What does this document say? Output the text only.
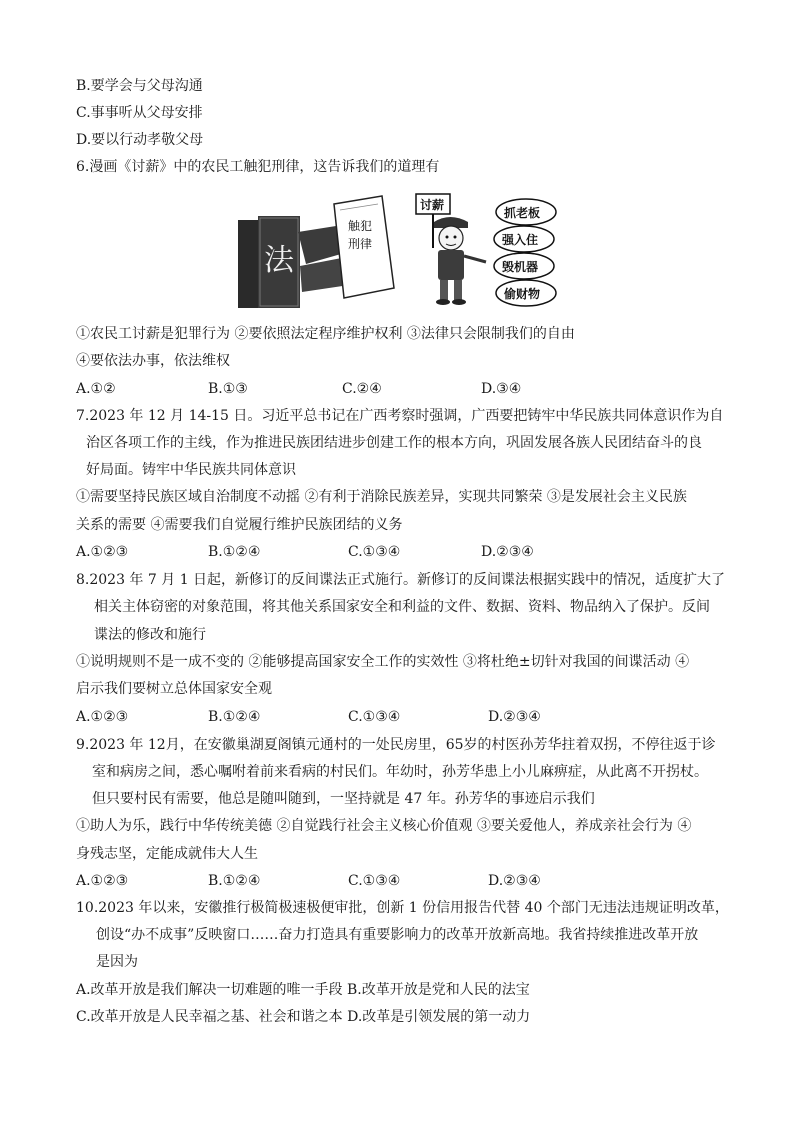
B.要学会与父母沟通
C.事事听从父母安排
D.要以行动孝敬父母
6.漫画《讨薪》中的农民工触犯刑律，这告诉我们的道理有
法
触犯
刑律
讨薪
抓老板
强入住
毁机器
偷财物
①农民工讨薪是犯罪行为 ②要依照法定程序维护权利 ③法律只会限制我们的自由
④要依法办事，依法维权
A.①②	B.①③	C.②④	D.③④
7.2023 年 12 月 14-15 日。习近平总书记在广西考察时强调，广西要把铸牢中华民族共同体意识作为自
治区各项工作的主线，作为推进民族团结进步创建工作的根本方向，巩固发展各族人民团结奋斗的良
好局面。铸牢中华民族共同体意识
①需要坚持民族区域自治制度不动摇 ②有利于消除民族差异，实现共同繁荣 ③是发展社会主义民族
关系的需要 ④需要我们自觉履行维护民族团结的义务
A.①②③	B.①②④	C.①③④	D.②③④
8.2023 年 7 月 1 日起，新修订的反间谍法正式施行。新修订的反间谍法根据实践中的情况，适度扩大了
相关主体窃密的对象范围，将其他关系国家安全和利益的文件、数据、资料、物品纳入了保护。反间
谍法的修改和施行
①说明规则不是一成不变的 ②能够提高国家安全工作的实效性 ③将杜绝±切针对我国的间谍活动 ④
启示我们要树立总体国家安全观
A.①②③	B.①②④	C.①③④	D.②③④
9.2023 年 12月，在安徽巢湖夏阁镇元通村的一处民房里，65岁的村医孙芳华拄着双拐，不停往返于诊
室和病房之间，悉心嘱咐着前来看病的村民们。年幼时，孙芳华患上小儿麻痹症，从此离不开拐杖。
但只要村民有需要，他总是随叫随到，一坚持就是 47 年。孙芳华的事迹启示我们
①助人为乐，践行中华传统美德 ②自觉践行社会主义核心价值观 ③要关爱他人，养成亲社会行为 ④
身残志坚，定能成就伟大人生
A.①②③	B.①②④	C.①③④	D.②③④
10.2023 年以来，安徽推行极简极速极便审批，创新 1 份信用报告代替 40 个部门无违法违规证明改革，
创设“办不成事”反映窗口……奋力打造具有重要影响力的改革开放新高地。我省持续推进改革开放
是因为
A.改革开放是我们解决一切难题的唯一手段 B.改革开放是党和人民的法宝
C.改革开放是人民幸福之基、社会和谐之本 D.改革是引领发展的第一动力
